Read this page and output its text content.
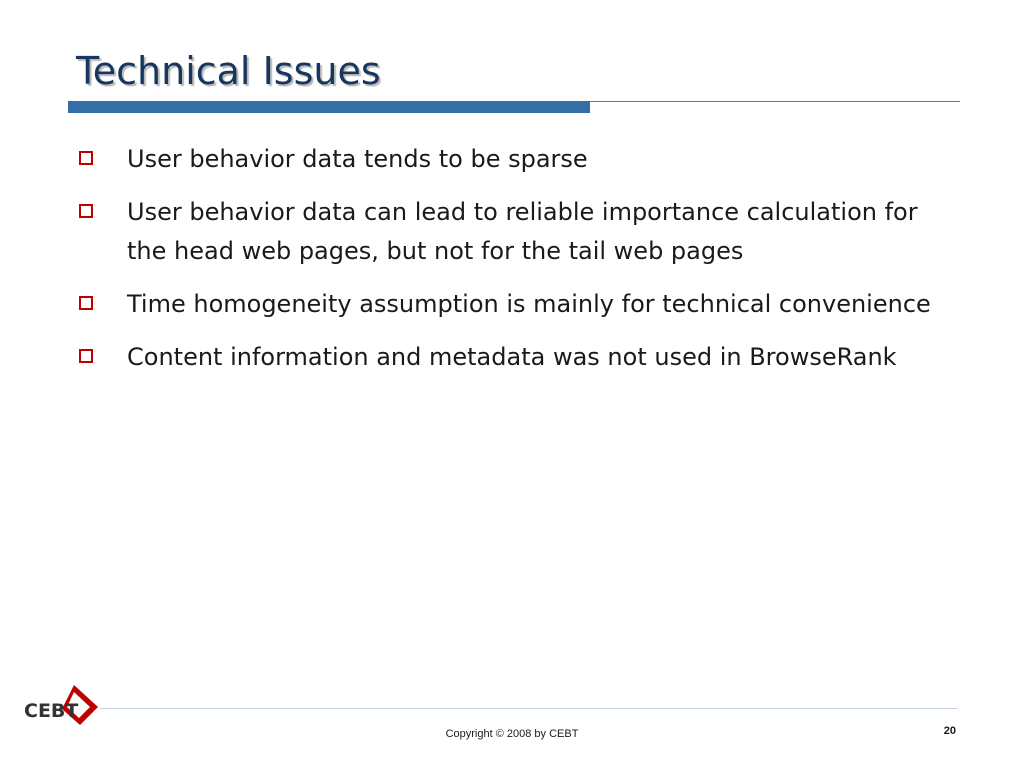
Technical Issues
User behavior data tends to be sparse
User behavior data can lead to reliable importance calculation for the head web pages, but not for the tail web pages
Time homogeneity assumption is mainly for technical convenience
Content information and metadata was not used in BrowseRank
CEBT
Copyright © 2008 by CEBT	20
